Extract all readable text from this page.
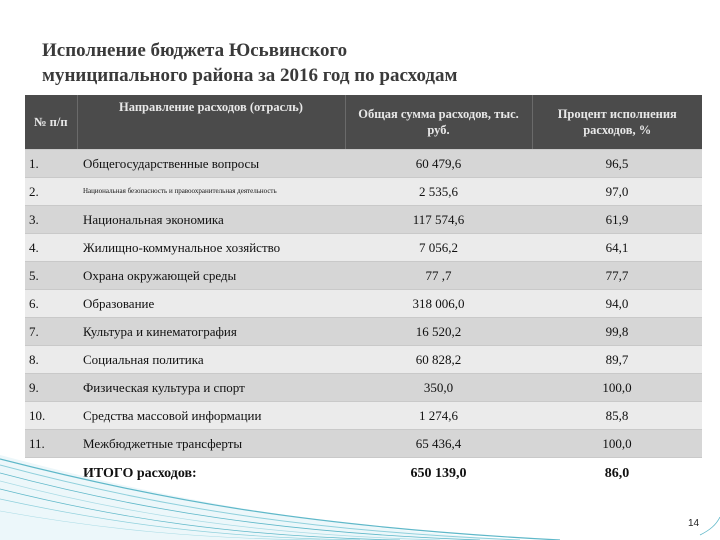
Исполнение бюджета Юсьвинского
муниципального района за 2016 год по расходам
№ п/п	Направление расходов (отрасль)	Общая сумма расходов, тыс. руб.	Процент исполнения расходов, %
1.	Общегосударственные вопросы	60 479,6	96,5
2.	Национальная безопасность и правоохранительная деятельность	2 535,6	97,0
3.	Национальная экономика	117 574,6	61,9
4.	Жилищно-коммунальное хозяйство	7 056,2	64,1
5.	Охрана окружающей среды	77 ,7	77,7
6.	Образование	318 006,0	94,0
7.	Культура и кинематография	16 520,2	99,8
8.	Социальная политика	60 828,2	89,7
9.	Физическая культура и спорт	350,0	100,0
10.	Средства массовой информации	1 274,6	85,8
11.	Межбюджетные трансферты	65 436,4	100,0
	ИТОГО расходов:	650 139,0	86,0
14
